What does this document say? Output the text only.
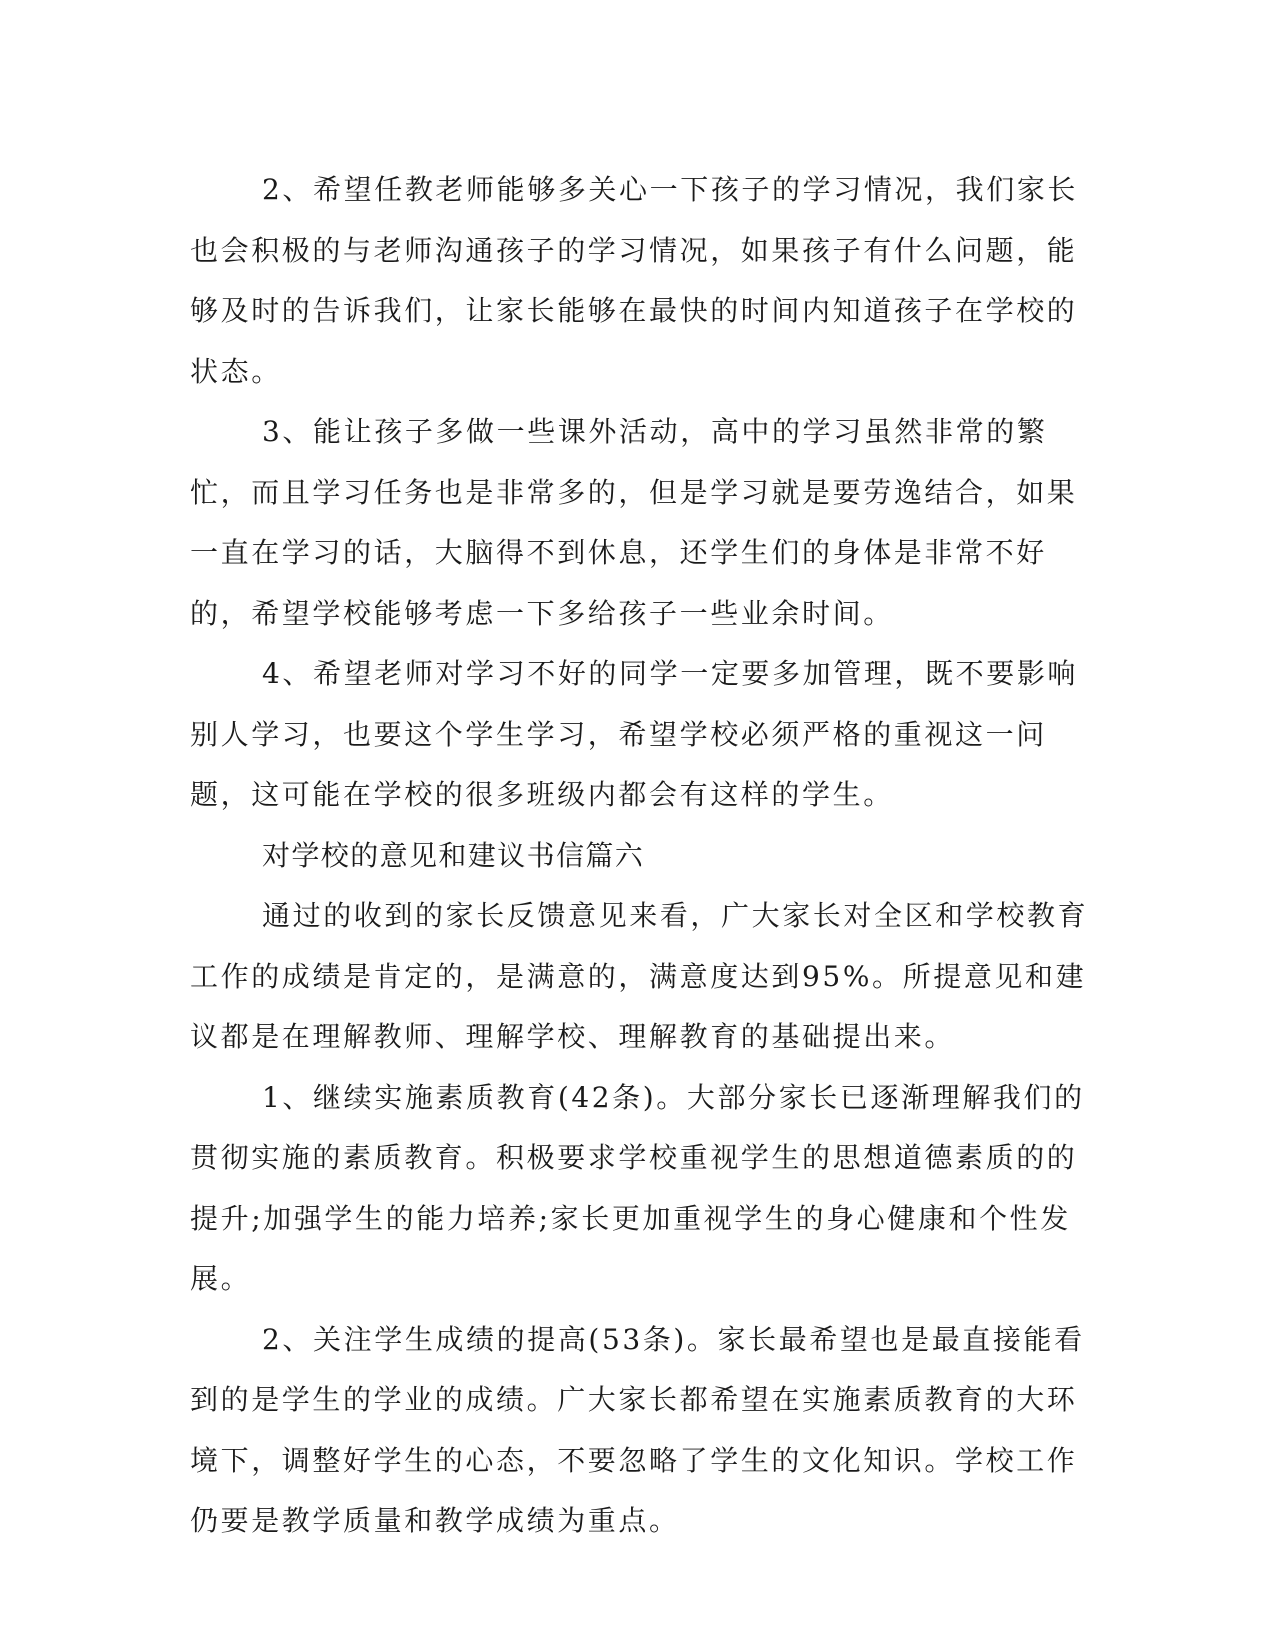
2、希望任教老师能够多关心一下孩子的学习情况，我们家长也会积极的与老师沟通孩子的学习情况，如果孩子有什么问题，能够及时的告诉我们，让家长能够在最快的时间内知道孩子在学校的状态。

3、能让孩子多做一些课外活动，高中的学习虽然非常的繁忙，而且学习任务也是非常多的，但是学习就是要劳逸结合，如果一直在学习的话，大脑得不到休息，还学生们的身体是非常不好的，希望学校能够考虑一下多给孩子一些业余时间。

4、希望老师对学习不好的同学一定要多加管理，既不要影响别人学习，也要这个学生学习，希望学校必须严格的重视这一问题，这可能在学校的很多班级内都会有这样的学生。

对学校的意见和建议书信篇六

通过的收到的家长反馈意见来看，广大家长对全区和学校教育工作的成绩是肯定的，是满意的，满意度达到95%。所提意见和建议都是在理解教师、理解学校、理解教育的基础提出来。

1、继续实施素质教育(42条)。大部分家长已逐渐理解我们的贯彻实施的素质教育。积极要求学校重视学生的思想道德素质的的提升;加强学生的能力培养;家长更加重视学生的身心健康和个性发展。

2、关注学生成绩的提高(53条)。家长最希望也是最直接能看到的是学生的学业的成绩。广大家长都希望在实施素质教育的大环境下，调整好学生的心态，不要忽略了学生的文化知识。学校工作仍要是教学质量和教学成绩为重点。
